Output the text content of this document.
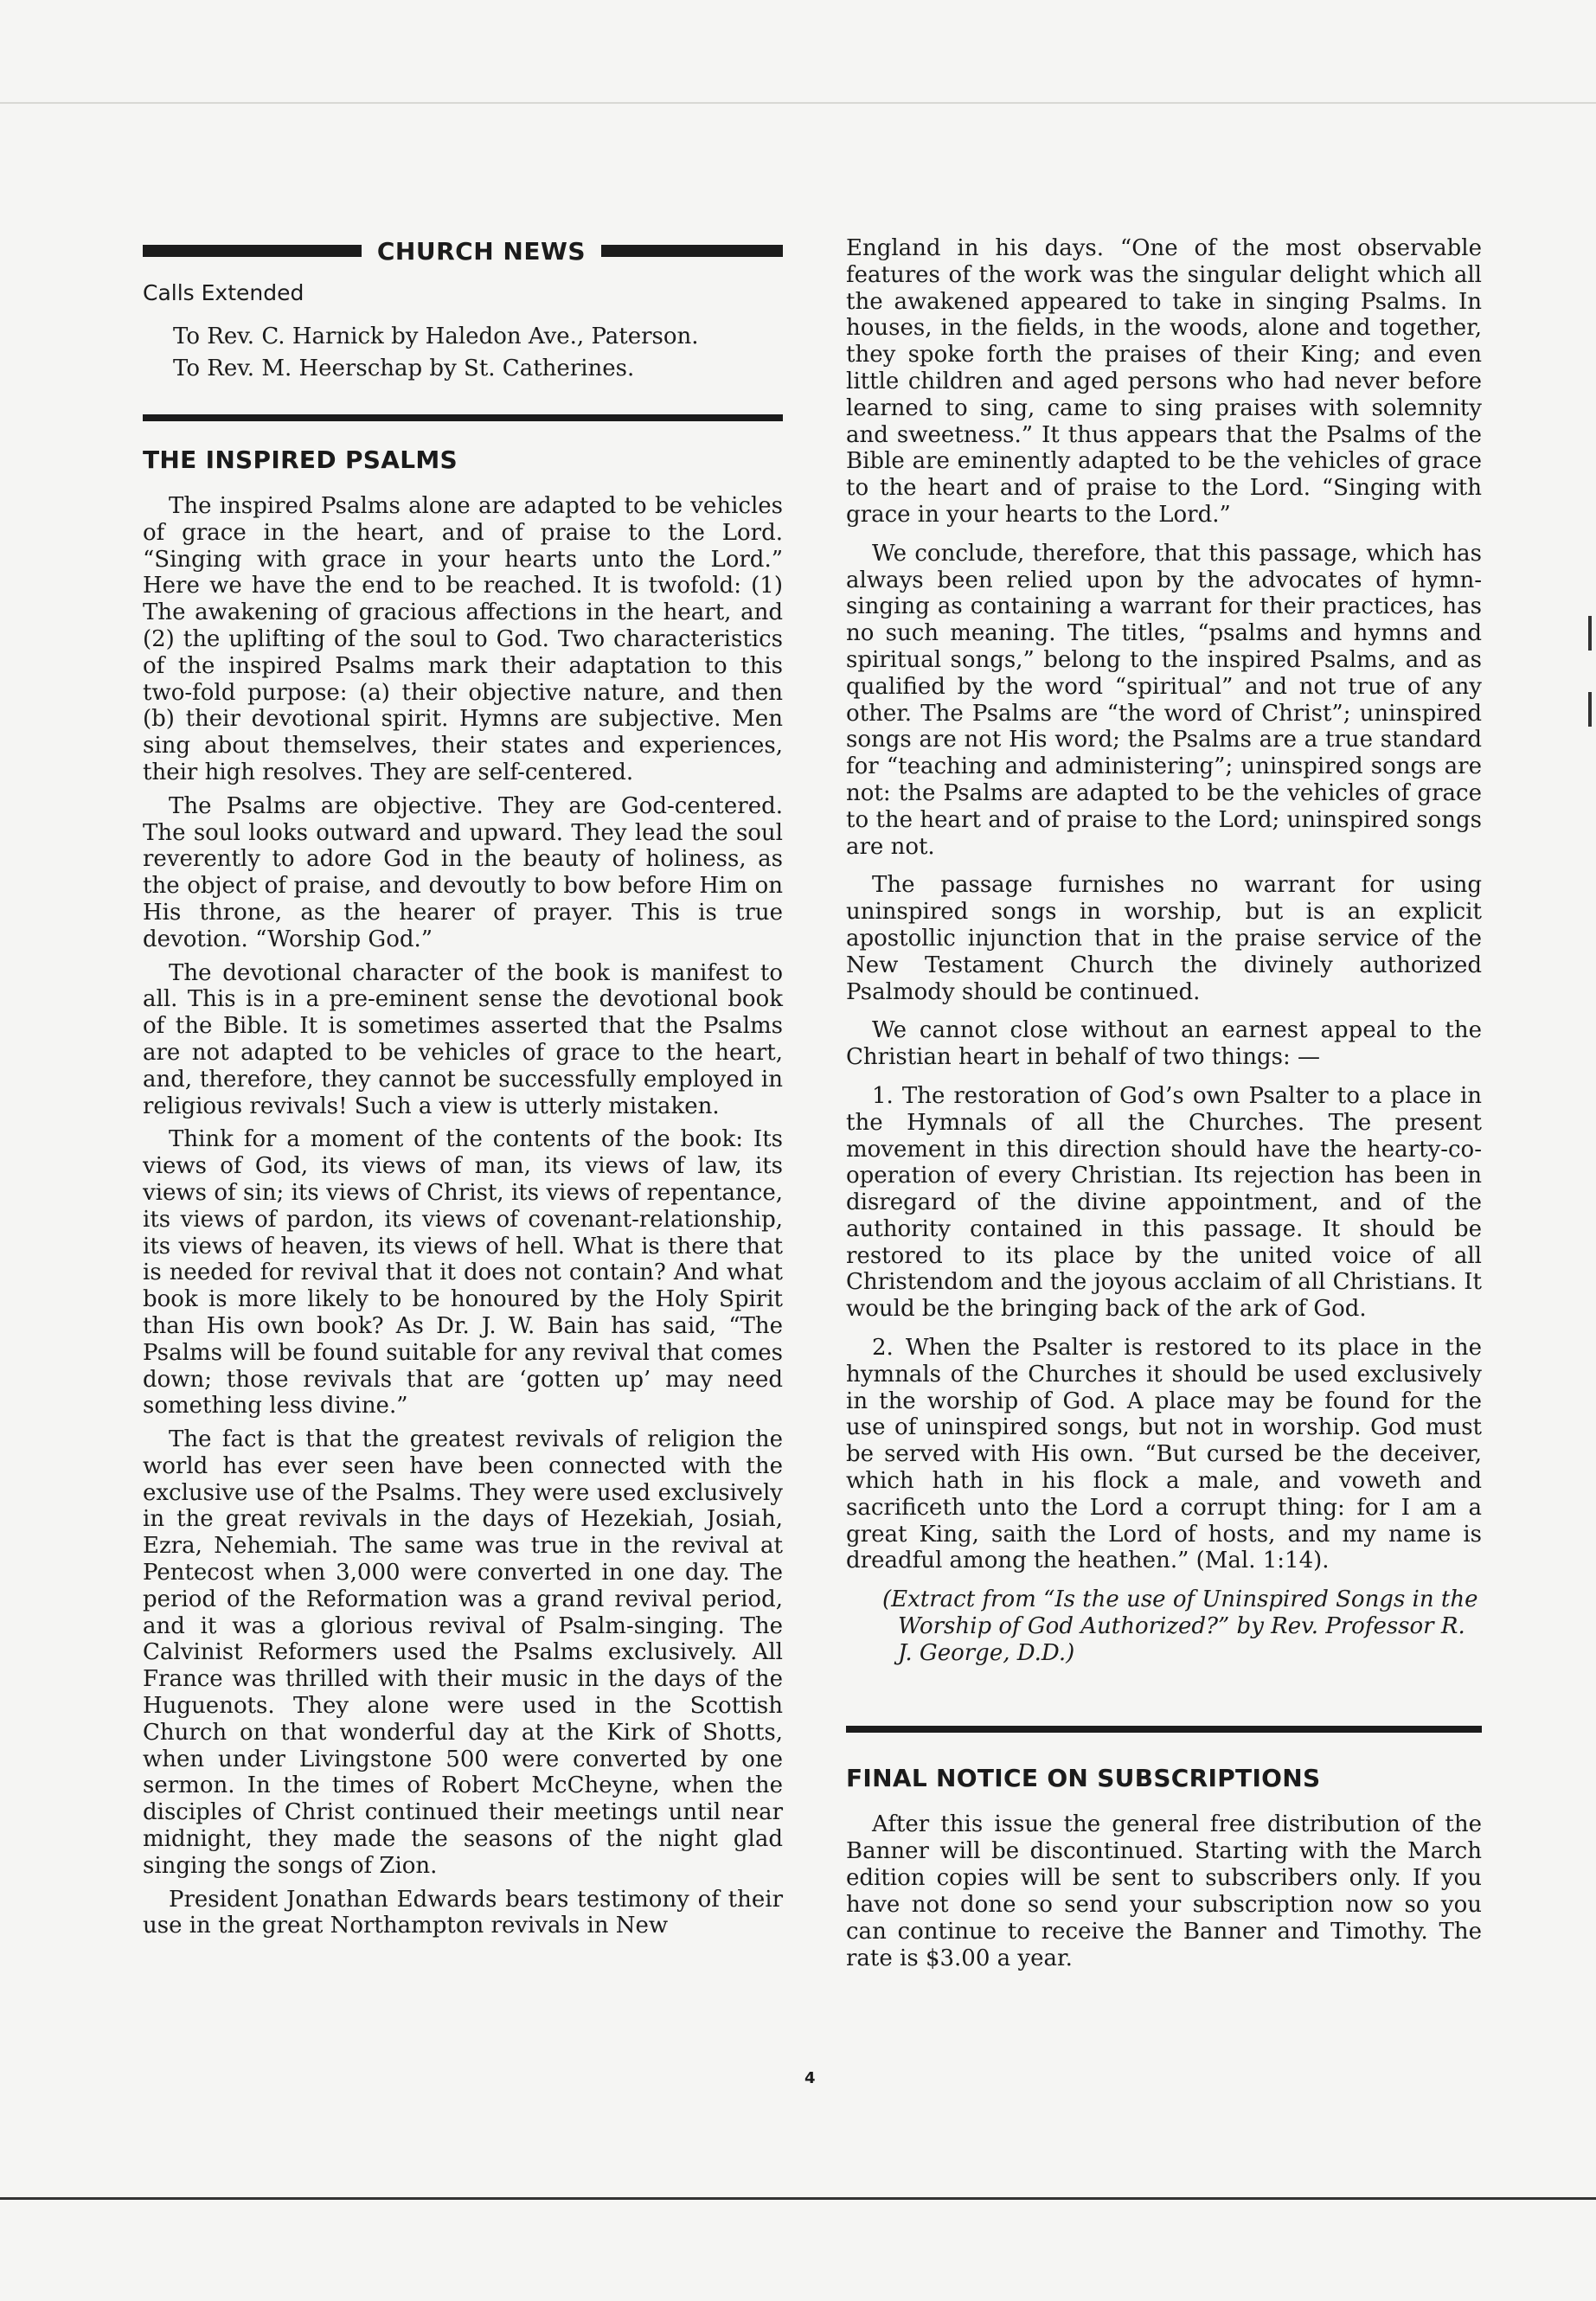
CHURCH NEWS
Calls Extended
To Rev. C. Harnick by Haledon Ave., Paterson.
To Rev. M. Heerschap by St. Catherines.
THE INSPIRED PSALMS

The inspired Psalms alone are adapted to be vehicles of grace in the heart, and of praise to the Lord. “Singing with grace in your hearts unto the Lord.” Here we have the end to be reached. It is twofold: (1) The awakening of gracious affections in the heart, and (2) the uplifting of the soul to God. Two characteristics of the inspired Psalms mark their adaptation to this two-fold purpose: (a) their objective nature, and then (b) their devotional spirit. Hymns are subjective. Men sing about themselves, their states and experiences, their high resolves. They are self-centered.

The Psalms are objective. They are God-centered. The soul looks outward and upward. They lead the soul reverently to adore God in the beauty of holiness, as the object of praise, and devoutly to bow before Him on His throne, as the hearer of prayer. This is true devotion. “Worship God.”

The devotional character of the book is manifest to all. This is in a pre-eminent sense the devotional book of the Bible. It is sometimes asserted that the Psalms are not adapted to be vehicles of grace to the heart, and, therefore, they cannot be successfully employed in religious revivals! Such a view is utterly mistaken.

Think for a moment of the contents of the book: Its views of God, its views of man, its views of law, its views of sin; its views of Christ, its views of repentance, its views of pardon, its views of covenant-relationship, its views of heaven, its views of hell. What is there that is needed for revival that it does not contain? And what book is more likely to be honoured by the Holy Spirit than His own book? As Dr. J. W. Bain has said, “The Psalms will be found suitable for any revival that comes down; those revivals that are ‘gotten up’ may need something less divine.”

The fact is that the greatest revivals of religion the world has ever seen have been connected with the exclusive use of the Psalms. They were used exclusively in the great revivals in the days of Hezekiah, Josiah, Ezra, Nehemiah. The same was true in the revival at Pentecost when 3,000 were converted in one day. The period of the Reformation was a grand revival period, and it was a glorious revival of Psalm-singing. The Calvinist Reformers used the Psalms exclusively. All France was thrilled with their music in the days of the Huguenots. They alone were used in the Scottish Church on that wonderful day at the Kirk of Shotts, when under Livingstone 500 were converted by one sermon. In the times of Robert McCheyne, when the disciples of Christ continued their meetings until near midnight, they made the seasons of the night glad singing the songs of Zion.

President Jonathan Edwards bears testimony of their use in the great Northampton revivals in New

England in his days. “One of the most observable features of the work was the singular delight which all the awakened appeared to take in singing Psalms. In houses, in the fields, in the woods, alone and together, they spoke forth the praises of their King; and even little children and aged persons who had never before learned to sing, came to sing praises with solemnity and sweetness.” It thus appears that the Psalms of the Bible are eminently adapted to be the vehicles of grace to the heart and of praise to the Lord. “Singing with grace in your hearts to the Lord.”

We conclude, therefore, that this passage, which has always been relied upon by the advocates of hymn-singing as containing a warrant for their practices, has no such meaning. The titles, “psalms and hymns and spiritual songs,” belong to the inspired Psalms, and as qualified by the word “spiritual” and not true of any other. The Psalms are “the word of Christ”; uninspired songs are not His word; the Psalms are a true standard for “teaching and administering”; uninspired songs are not: the Psalms are adapted to be the vehicles of grace to the heart and of praise to the Lord; uninspired songs are not.

The passage furnishes no warrant for using uninspired songs in worship, but is an explicit apostollic injunction that in the praise service of the New Testament Church the divinely authorized Psalmody should be continued.

We cannot close without an earnest appeal to the Christian heart in behalf of two things: —

1. The restoration of God’s own Psalter to a place in the Hymnals of all the Churches. The present movement in this direction should have the hearty-co-operation of every Christian. Its rejection has been in disregard of the divine appointment, and of the authority contained in this passage. It should be restored to its place by the united voice of all Christendom and the joyous acclaim of all Christians. It would be the bringing back of the ark of God.

2. When the Psalter is restored to its place in the hymnals of the Churches it should be used exclusively in the worship of God. A place may be found for the use of uninspired songs, but not in worship. God must be served with His own. “But cursed be the deceiver, which hath in his flock a male, and voweth and sacrificeth unto the Lord a corrupt thing: for I am a great King, saith the Lord of hosts, and my name is dreadful among the heathen.” (Mal. 1:14).

(Extract from “Is the use of Uninspired Songs in the Worship of God Authorized?” by Rev. Professor R. J. George, D.D.)
FINAL NOTICE ON SUBSCRIPTIONS

After this issue the general free distribution of the Banner will be discontinued. Starting with the March edition copies will be sent to subscribers only. If you have not done so send your subscription now so you can continue to receive the Banner and Timothy. The rate is $3.00 a year.

4
